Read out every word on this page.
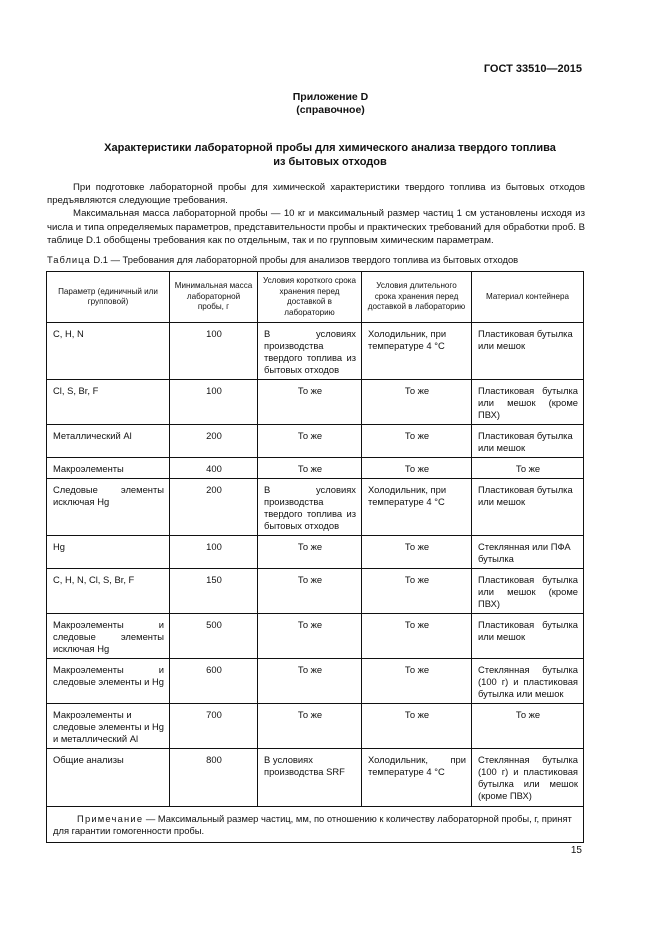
ГОСТ 33510—2015
Приложение D
(справочное)
Характеристики лабораторной пробы для химического анализа твердого топлива
из бытовых отходов

При подготовке лабораторной пробы для химической характеристики твердого топлива из бытовых отходов предъявляются следующие требования.

Максимальная масса лабораторной пробы — 10 кг и максимальный размер частиц 1 см установлены исходя из числа и типа определяемых параметров, представительности пробы и практических требований для обработки проб. В таблице D.1 обобщены требования как по отдельным, так и по групповым химическим параметрам.

Таблица D.1 — Требования для лабораторной пробы для анализов твердого топлива из бытовых отходов
Параметр (единичный или групповой)	Минимальная масса лабораторной пробы, г	Условия короткого срока хранения перед доставкой в лабораторию	Условия длительного срока хранения перед доставкой в лабораторию	Материал контейнера
C, H, N	100	В условиях производства твердого топлива из бытовых отходов	Холодильник, при температуре 4 °С	Пластиковая бутылка или мешок
Cl, S, Br, F	100	То же	То же	Пластиковая бутылка или мешок (кроме ПВХ)
Металлический Al	200	То же	То же	Пластиковая бутылка или мешок
Макроэлементы	400	То же	То же	То же
Следовые элементы исключая Hg	200	В условиях производства твердого топлива из бытовых отходов	Холодильник, при температуре 4 °С	Пластиковая бутылка или мешок
Hg	100	То же	То же	Стеклянная или ПФА бутылка
C, H, N, Cl, S, Br, F	150	То же	То же	Пластиковая бутылка или мешок (кроме ПВХ)
Макроэлементы и следовые элементы исключая Hg	500	То же	То же	Пластиковая бутылка или мешок
Макроэлементы и следовые элементы и Hg	600	То же	То же	Стеклянная бутылка (100 г) и пластиковая бутылка или мешок
Макроэлементы и следовые элементы и Hg и металлический Al	700	То же	То же	То же
Общие анализы	800	В условиях производства SRF	Холодильник, при температуре 4 °С	Стеклянная бутылка (100 г) и пластиковая бутылка или мешок (кроме ПВХ)
Примечание — Максимальный размер частиц, мм, по отношению к количеству лабораторной пробы, г, принят для гарантии гомогенности пробы.				
15
